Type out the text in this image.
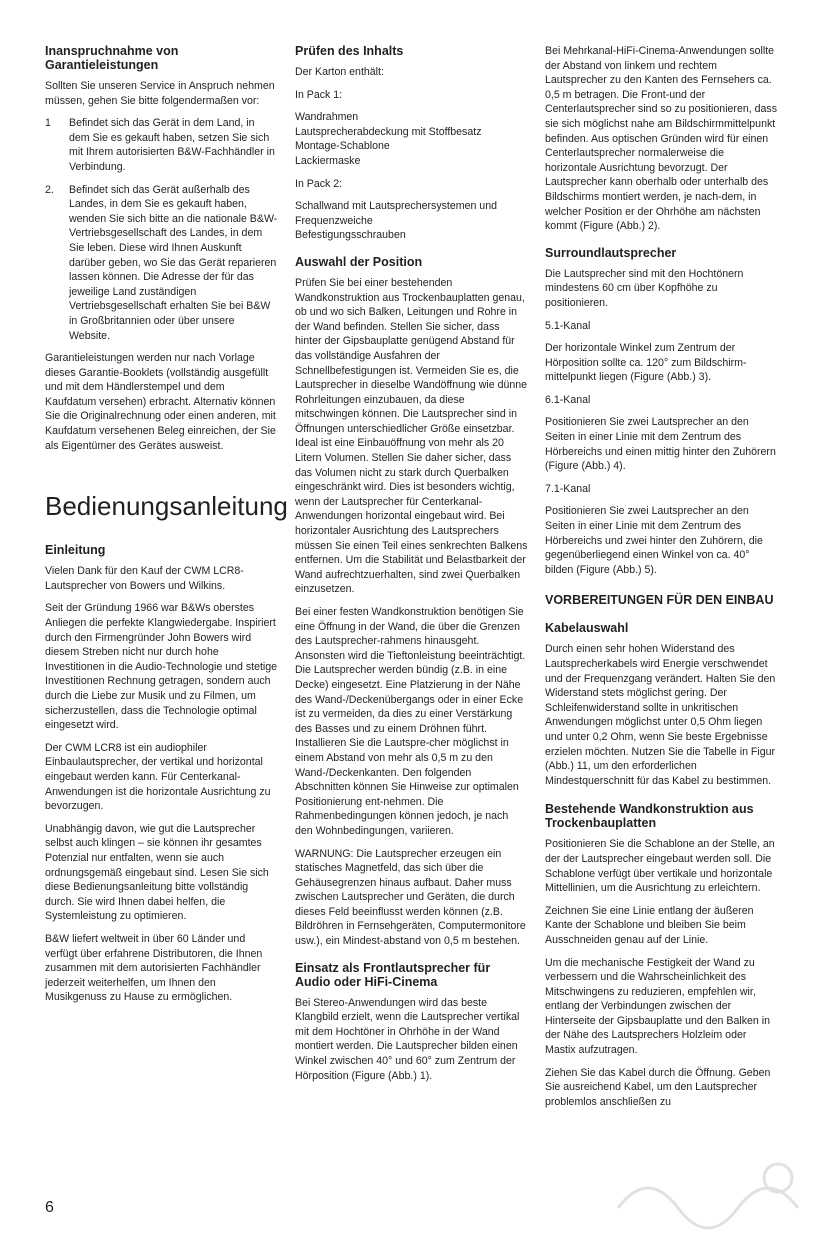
Inanspruchnahme von Garantieleistungen
Sollten Sie unseren Service in Anspruch nehmen müssen, gehen Sie bitte folgendermaßen vor:
1	Befindet sich das Gerät in dem Land, in dem Sie es gekauft haben, setzen Sie sich mit Ihrem autorisierten B&W-Fachhändler in Verbindung.
2.	Befindet sich das Gerät außerhalb des Landes, in dem Sie es gekauft haben, wenden Sie sich bitte an die nationale B&W-Vertriebsgesellschaft des Landes, in dem Sie leben. Diese wird Ihnen Auskunft darüber geben, wo Sie das Gerät reparieren lassen können. Die Adresse der für das jeweilige Land zuständigen Vertriebsgesellschaft erhalten Sie bei B&W in Großbritannien oder über unsere Website.
Garantieleistungen werden nur nach Vorlage dieses Garantie-Booklets (vollständig ausgefüllt und mit dem Händlerstempel und dem Kaufdatum versehen) erbracht. Alternativ können Sie die Originalrechnung oder einen anderen, mit Kaufdatum versehenen Beleg einreichen, der Sie als Eigentümer des Gerätes ausweist.
Bedienungsanleitung
Einleitung
Vielen Dank für den Kauf der CWM LCR8-Lautsprecher von Bowers und Wilkins.
Seit der Gründung 1966 war B&Ws oberstes Anliegen die perfekte Klangwiedergabe. Inspiriert durch den Firmengründer John Bowers wird diesem Streben nicht nur durch hohe Investitionen in die Audio-Technologie und stetige Investitionen Rechnung getragen, sondern auch durch die Liebe zur Musik und zu Filmen, um sicherzustellen, dass die Technologie optimal eingesetzt wird.
Der CWM LCR8 ist ein audiophiler Einbaulautsprecher, der vertikal und horizontal eingebaut werden kann. Für Centerkanal-Anwendungen ist die horizontale Ausrichtung zu bevorzugen.
Unabhängig davon, wie gut die Lautsprecher selbst auch klingen – sie können ihr gesamtes Potenzial nur entfalten, wenn sie auch ordnungsgemäß eingebaut sind. Lesen Sie sich diese Bedienungsanleitung bitte vollständig durch. Sie wird Ihnen dabei helfen, die Systemleistung zu optimieren.
B&W liefert weltweit in über 60 Länder und verfügt über erfahrene Distributoren, die Ihnen zusammen mit dem autorisierten Fachhändler jederzeit weiterhelfen, um Ihnen den Musikgenuss zu Hause zu ermöglichen.
Prüfen des Inhalts
Der Karton enthält:
In Pack 1:
Wandrahmen
Lautsprecherabdeckung mit Stoffbesatz
Montage-Schablone
Lackiermaske
In Pack 2:
Schallwand mit Lautsprechersystemen und Frequenzweiche
Befestigungsschrauben
Auswahl der Position
Prüfen Sie bei einer bestehenden Wandkonstruktion aus Trockenbauplatten genau, ob und wo sich Balken, Leitungen und Rohre in der Wand befinden. Stellen Sie sicher, dass hinter der Gipsbauplatte genügend Abstand für das vollständige Ausfahren der Schnellbefestigungen ist. Vermeiden Sie es, die Lautsprecher in dieselbe Wandöffnung wie dünne Rohrleitungen einzubauen, da diese mitschwingen können. Die Lautsprecher sind in Öffnungen unterschiedlicher Größe einsetzbar. Ideal ist eine Einbauöffnung von mehr als 20 Litern Volumen. Stellen Sie daher sicher, dass das Volumen nicht zu stark durch Querbalken eingeschränkt wird. Dies ist besonders wichtig, wenn der Lautsprecher für Centerkanal-Anwendungen horizontal eingebaut wird. Bei horizontaler Ausrichtung des Lautsprechers müssen Sie einen Teil eines senkrechten Balkens entfernen. Um die Stabilität und Belastbarkeit der Wand aufrechtzuerhalten, sind zwei Querbalken einzusetzen.
Bei einer festen Wandkonstruktion benötigen Sie eine Öffnung in der Wand, die über die Grenzen des Lautsprecher-rahmens hinausgeht. Ansonsten wird die Tieftonleistung beeinträchtigt. Die Lautsprecher werden bündig (z.B. in eine Decke) eingesetzt. Eine Platzierung in der Nähe des Wand-/Deckenübergangs oder in einer Ecke ist zu vermeiden, da dies zu einer Verstärkung des Basses und zu einem Dröhnen führt. Installieren Sie die Lautspre-cher möglichst in einem Abstand von mehr als 0,5 m zu den Wand-/Deckenkanten. Den folgenden Abschnitten können Sie Hinweise zur optimalen Positionierung ent-nehmen. Die Rahmenbedingungen können jedoch, je nach den Wohnbedingungen, variieren.
WARNUNG: Die Lautsprecher erzeugen ein statisches Magnetfeld, das sich über die Gehäusegrenzen hinaus aufbaut. Daher muss zwischen Lautsprecher und Geräten, die durch dieses Feld beeinflusst werden können (z.B. Bildröhren in Fernsehgeräten, Computermonitore usw.), ein Mindest-abstand von 0,5 m bestehen.
Einsatz als Frontlautsprecher für Audio oder HiFi-Cinema
Bei Stereo-Anwendungen wird das beste Klangbild erzielt, wenn die Lautsprecher vertikal mit dem Hochtöner in Ohrhöhe in der Wand montiert werden. Die Lautsprecher bilden einen Winkel zwischen 40° und 60° zum Zentrum der Hörposition (Figure (Abb.) 1).
Bei Mehrkanal-HiFi-Cinema-Anwendungen sollte der Abstand von linkem und rechtem Lautsprecher zu den Kanten des Fernsehers ca. 0,5 m betragen. Die Front-und der Centerlautsprecher sind so zu positionieren, dass sie sich möglichst nahe am Bildschirmmittelpunkt befinden. Aus optischen Gründen wird für einen Centerlautsprecher normalerweise die horizontale Ausrichtung bevorzugt. Der Lautsprecher kann oberhalb oder unterhalb des Bildschirms montiert werden, je nach-dem, in welcher Position er der Ohrhöhe am nächsten kommt (Figure (Abb.) 2).
Surroundlautsprecher
Die Lautsprecher sind mit den Hochtönern mindestens 60 cm über Kopfhöhe zu positionieren.
5.1-Kanal
Der horizontale Winkel zum Zentrum der Hörposition sollte ca. 120° zum Bildschirm-mittelpunkt liegen (Figure (Abb.) 3).
6.1-Kanal
Positionieren Sie zwei Lautsprecher an den Seiten in einer Linie mit dem Zentrum des Hörbereichs und einen mittig hinter den Zuhörern (Figure (Abb.) 4).
7.1-Kanal
Positionieren Sie zwei Lautsprecher an den Seiten in einer Linie mit dem Zentrum des Hörbereichs und zwei hinter den Zuhörern, die gegenüberliegend einen Winkel von ca. 40° bilden (Figure (Abb.) 5).
VORBEREITUNGEN FÜR DEN EINBAU
Kabelauswahl
Durch einen sehr hohen Widerstand des Lautsprecherkabels wird Energie verschwendet und der Frequenzgang verändert. Halten Sie den Widerstand stets möglichst gering. Der Schleifenwiderstand sollte in unkritischen Anwendungen möglichst unter 0,5 Ohm liegen und unter 0,2 Ohm, wenn Sie beste Ergebnisse erzielen möchten. Nutzen Sie die Tabelle in Figur (Abb.) 11, um den erforderlichen Mindestquerschnitt für das Kabel zu bestimmen.
Bestehende Wandkonstruktion aus Trockenbauplatten
Positionieren Sie die Schablone an der Stelle, an der der Lautsprecher eingebaut werden soll. Die Schablone verfügt über vertikale und horizontale Mittellinien, um die Ausrichtung zu erleichtern.
Zeichnen Sie eine Linie entlang der äußeren Kante der Schablone und bleiben Sie beim Ausschneiden genau auf der Linie.
Um die mechanische Festigkeit der Wand zu verbessern und die Wahrscheinlichkeit des Mitschwingens zu reduzieren, empfehlen wir, entlang der Verbindungen zwischen der Hinterseite der Gipsbauplatte und den Balken in der Nähe des Lautsprechers Holzleim oder Mastix aufzutragen.
Ziehen Sie das Kabel durch die Öffnung. Geben Sie ausreichend Kabel, um den Lautsprecher problemlos anschließen zu
6
